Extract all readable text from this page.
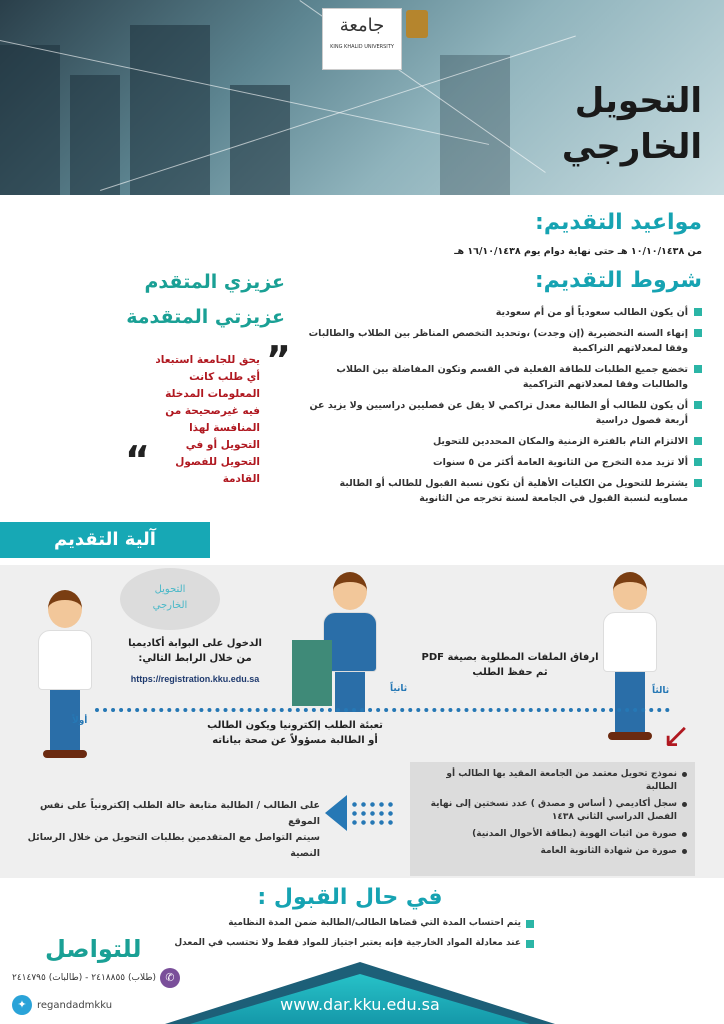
جامعة
KING KHALID UNIVERSITY
التحويل
الخارجي
مواعيد التقديم:
من ١٠/١٠/١٤٣٨ هـ حتى نهاية دوام يوم ١٦/١٠/١٤٣٨ هـ
شروط التقديم:
أن يكون الطالب سعودياً أو من أم سعودية
إنهاء السنه التحضيرية (إن وجدت) ،وتحديد التخصص المناظر بين الطلاب والطالبات وفقا لمعدلاتهم التراكمية
تخضع جميع الطلبات للطاقة الفعلية في القسم وتكون المفاضلة بين الطلاب والطالبات وفقا لمعدلاتهم التراكمية
أن يكون للطالب أو الطالبة معدل تراكمي لا يقل عن فصليين دراسيين ولا يزيد عن أربعة فصول دراسية
الالتزام التام بالفترة الزمنية والمكان المحددين للتحويل
ألا تزيد مدة التخرج من الثانوية العامة أكثر من ٥ سنوات
يشترط للتحويل من الكليات الأهلية أن تكون نسبة القبول للطالب أو الطالبة مساويه لنسبة القبول في الجامعة لسنة تخرجه من الثانوية
عزيزي المتقدم
عزيزتي المتقدمة
”
يحق للجامعة استبعاد أي طلب كانت المعلومات المدخلة فيه غيرصحيحة من المنافسة لهذا التحويل أو في التحويل للفصول القادمة
“
آلية التقديم
التحويل
الخارجي
أولاً
الدخول على البوابة أكاديميا
من خلال الرابط التالي:
https://registration.kku.edu.sa
ثانياً
تعبئة الطلب إلكترونيا ويكون الطالب
أو الطالبة مسؤولاً عن صحة بياناته
ثالثاً
ارفاق الملفات المطلوبة بصيغة PDF
ثم حفظ الطلب
↙
نموذج تحويل معتمد من الجامعة المقيد بها الطالب أو الطالبة
سجل أكاديمي ( أساس و مصدق ) عدد نسختين إلى نهاية الفصل الدراسي الثاني ١٤٣٨
صورة من اثبات الهوية (بطاقة الأحوال المدنية)
صورة من شهادة الثانوية العامة
على الطالب / الطالبة متابعة حالة الطلب إلكترونياً على نفس الموقع
سيتم التواصل مع المتقدمين بطلبات التحويل من خلال الرسائل النصية
في حال القبول :
يتم احتساب المدة التي قضاها الطالب/الطالبة ضمن المدة النظامية
عند معادلة المواد الخارجية فإنه يعتبر اجتياز للمواد فقط ولا تحتسب في المعدل
للتواصل
✆
(طلاب) ٢٤١٨٨٥٥ - (طالبات) ٢٤١٤٧٩٥
✦	regandadmkku	www.dar.kku.edu.sa
